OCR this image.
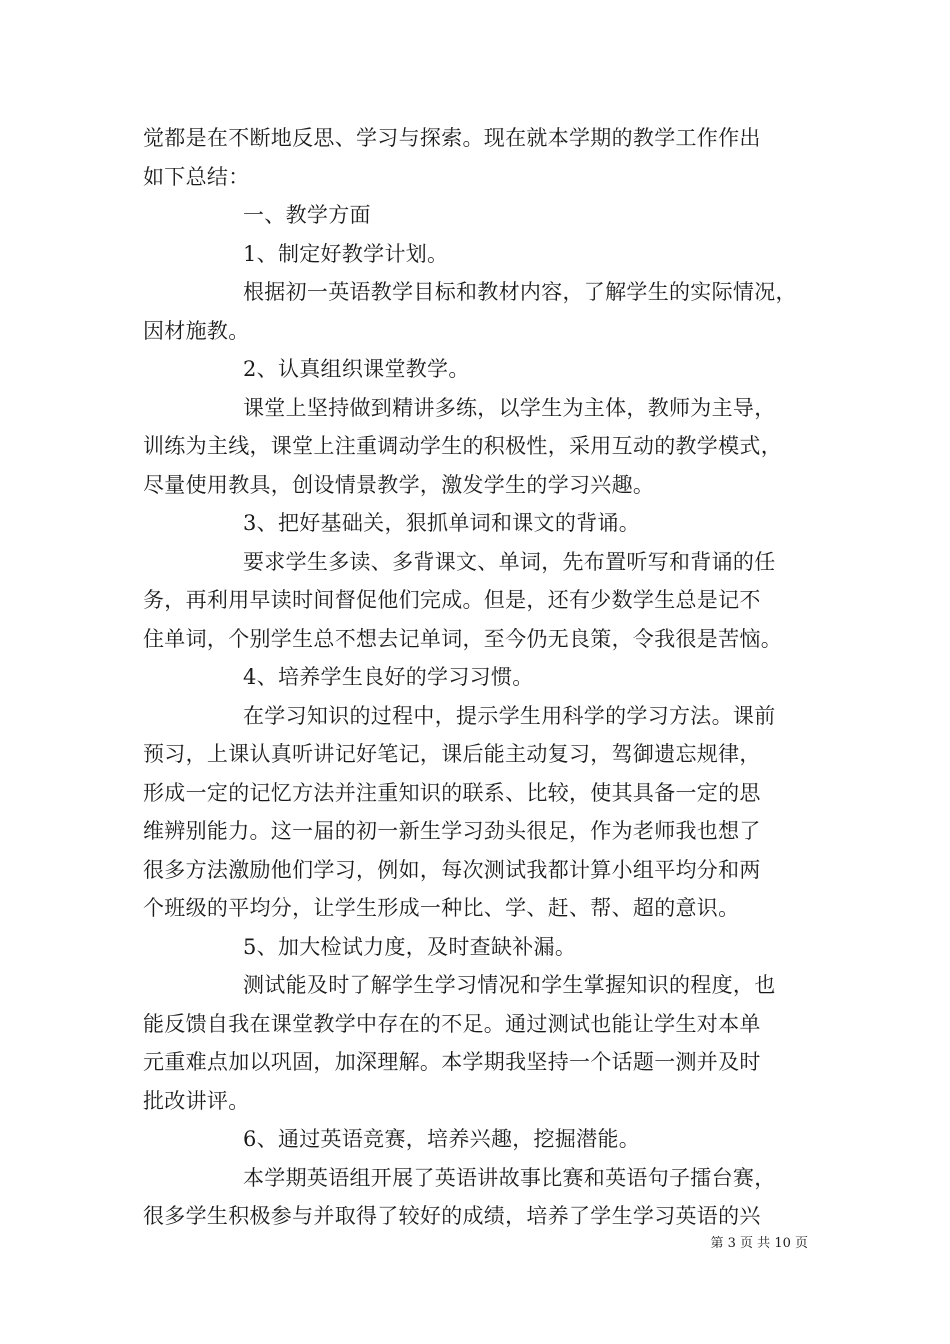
觉都是在不断地反思、学习与探索。现在就本学期的教学工作作出
如下总结：
一、教学方面
1、制定好教学计划。
根据初一英语教学目标和教材内容，了解学生的实际情况，
因材施教。
2、认真组织课堂教学。
课堂上坚持做到精讲多练，以学生为主体，教师为主导，
训练为主线，课堂上注重调动学生的积极性，采用互动的教学模式，
尽量使用教具，创设情景教学，激发学生的学习兴趣。
3、把好基础关，狠抓单词和课文的背诵。
要求学生多读、多背课文、单词，先布置听写和背诵的任
务，再利用早读时间督促他们完成。但是，还有少数学生总是记不
住单词，个别学生总不想去记单词，至今仍无良策，令我很是苦恼。
4、培养学生良好的学习习惯。
在学习知识的过程中，提示学生用科学的学习方法。课前
预习，上课认真听讲记好笔记，课后能主动复习，驾御遗忘规律，
形成一定的记忆方法并注重知识的联系、比较，使其具备一定的思
维辨别能力。这一届的初一新生学习劲头很足，作为老师我也想了
很多方法激励他们学习，例如，每次测试我都计算小组平均分和两
个班级的平均分，让学生形成一种比、学、赶、帮、超的意识。
5、加大检试力度，及时查缺补漏。
测试能及时了解学生学习情况和学生掌握知识的程度，也
能反馈自我在课堂教学中存在的不足。通过测试也能让学生对本单
元重难点加以巩固，加深理解。本学期我坚持一个话题一测并及时
批改讲评。
6、通过英语竞赛，培养兴趣，挖掘潜能。
本学期英语组开展了英语讲故事比赛和英语句子擂台赛，
很多学生积极参与并取得了较好的成绩，培养了学生学习英语的兴
第 3 页 共 10 页
